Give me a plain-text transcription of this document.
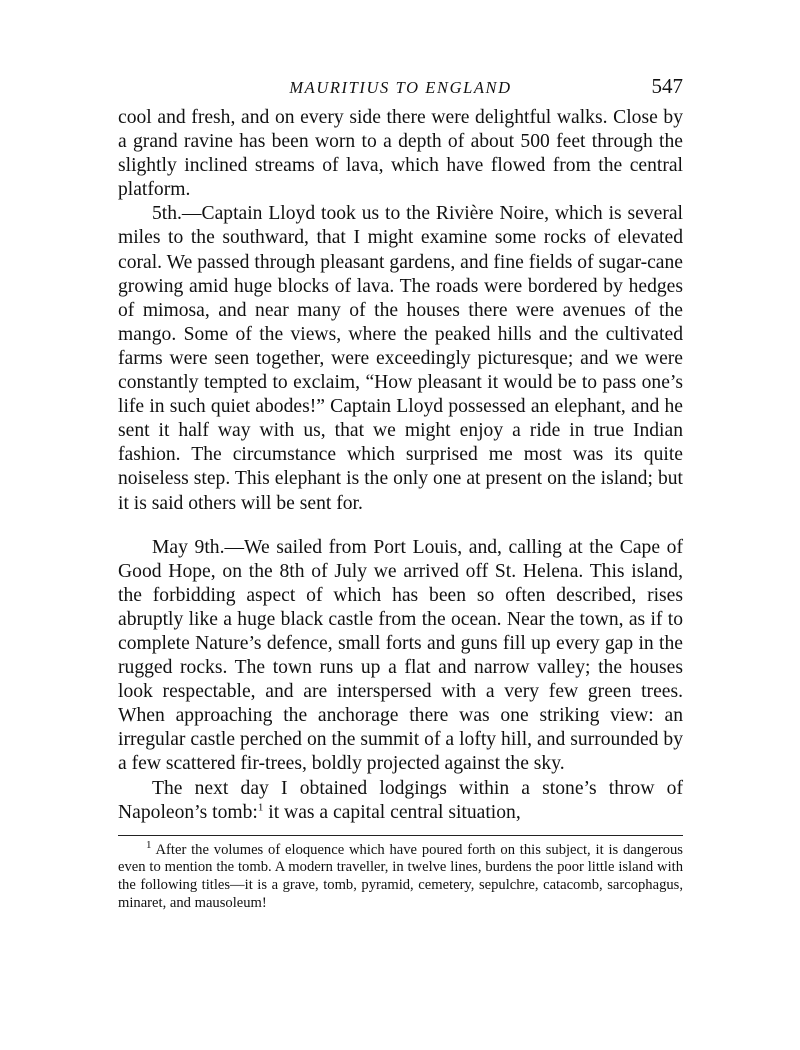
MAURITIUS TO ENGLAND	547

cool and fresh, and on every side there were delightful walks. Close by a grand ravine has been worn to a depth of about 500 feet through the slightly inclined streams of lava, which have flowed from the central platform.

5th.—Captain Lloyd took us to the Rivière Noire, which is several miles to the southward, that I might examine some rocks of elevated coral. We passed through pleasant gardens, and fine fields of sugar-cane growing amid huge blocks of lava. The roads were bordered by hedges of mimosa, and near many of the houses there were avenues of the mango. Some of the views, where the peaked hills and the cultivated farms were seen together, were exceedingly picturesque; and we were constantly tempted to exclaim, “How pleasant it would be to pass one’s life in such quiet abodes!” Captain Lloyd possessed an elephant, and he sent it half way with us, that we might enjoy a ride in true Indian fashion. The circumstance which surprised me most was its quite noiseless step. This elephant is the only one at present on the island; but it is said others will be sent for.

May 9th.—We sailed from Port Louis, and, calling at the Cape of Good Hope, on the 8th of July we arrived off St. Helena. This island, the forbidding aspect of which has been so often described, rises abruptly like a huge black castle from the ocean. Near the town, as if to complete Nature’s defence, small forts and guns fill up every gap in the rugged rocks. The town runs up a flat and narrow valley; the houses look respectable, and are interspersed with a very few green trees. When approaching the anchorage there was one striking view: an irregular castle perched on the summit of a lofty hill, and surrounded by a few scattered fir-trees, boldly projected against the sky.

The next day I obtained lodgings within a stone’s throw of Napoleon’s tomb:$^1$ it was a capital central situation,

$^1$ After the volumes of eloquence which have poured forth on this subject, it is dangerous even to mention the tomb. A modern traveller, in twelve lines, burdens the poor little island with the following titles—it is a grave, tomb, pyramid, cemetery, sepulchre, catacomb, sarcophagus, minaret, and mausoleum!
